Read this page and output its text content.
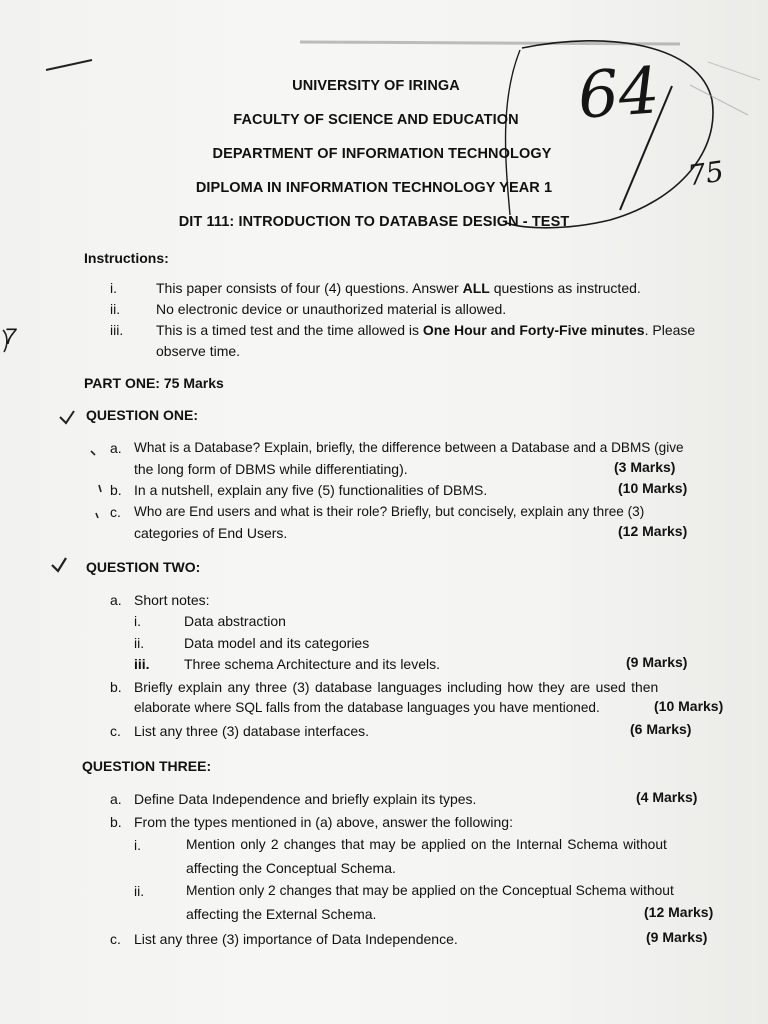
64
75
7
UNIVERSITY OF IRINGA
FACULTY OF SCIENCE AND EDUCATION
DEPARTMENT OF INFORMATION TECHNOLOGY
DIPLOMA IN INFORMATION TECHNOLOGY YEAR 1
DIT 111: INTRODUCTION TO DATABASE DESIGN - TEST
Instructions:
i.	This paper consists of four (4) questions. Answer ALL questions as instructed.
ii.	No electronic device or unauthorized material is allowed.
iii. This is a timed test and the time allowed is One Hour and Forty-Five minutes. Please
observe time.
PART ONE: 75 Marks
QUESTION ONE:
a. What is a Database? Explain, briefly, the difference between a Database and a DBMS (give
the long form of DBMS while differentiating).	(3 Marks)
b. In a nutshell, explain any five (5) functionalities of DBMS.	(10 Marks)
c. Who are End users and what is their role? Briefly, but concisely, explain any three (3)
categories of End Users.	(12 Marks)
QUESTION TWO:
a. Short notes:
i.	Data abstraction
ii.	Data model and its categories
iii. Three schema Architecture and its levels.	(9 Marks)
b. Briefly explain any three (3) database languages including how they are used then
elaborate where SQL falls from the database languages you have mentioned.	(10 Marks)
c. List any three (3) database interfaces.	(6 Marks)
QUESTION THREE:
a. Define Data Independence and briefly explain its types.	(4 Marks)
b. From the types mentioned in (a) above, answer the following:
i.	Mention only 2 changes that may be applied on the Internal Schema without
affecting the Conceptual Schema.
ii.	Mention only 2 changes that may be applied on the Conceptual Schema without
affecting the External Schema.	(12 Marks)
c. List any three (3) importance of Data Independence.	(9 Marks)
